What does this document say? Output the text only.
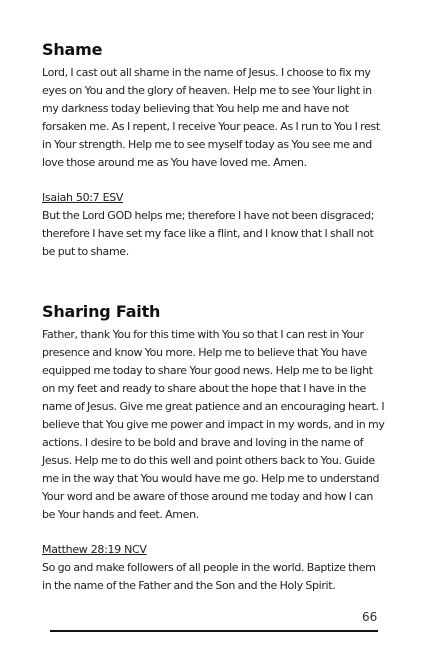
Shame

Lord, I cast out all shame in the name of Jesus. I choose to fix my eyes on You and the glory of heaven. Help me to see Your light in my darkness today believing that You help me and have not forsaken me. As I repent, I receive Your peace. As I run to You I rest in Your strength. Help me to see myself today as You see me and love those around me as You have loved me. Amen.

Isaiah 50:7 ESV

But the Lord GOD helps me; therefore I have not been disgraced; therefore I have set my face like a flint, and I know that I shall not be put to shame.

Sharing Faith

Father, thank You for this time with You so that I can rest in Your presence and know You more. Help me to believe that You have equipped me today to share Your good news. Help me to be light on my feet and ready to share about the hope that I have in the name of Jesus. Give me great patience and an encouraging heart. I believe that You give me power and impact in my words, and in my actions. I desire to be bold and brave and loving in the name of Jesus. Help me to do this well and point others back to You. Guide me in the way that You would have me go. Help me to understand Your word and be aware of those around me today and how I can be Your hands and feet. Amen.

Matthew 28:19 NCV

So go and make followers of all people in the world. Baptize them in the name of the Father and the Son and the Holy Spirit.

66
